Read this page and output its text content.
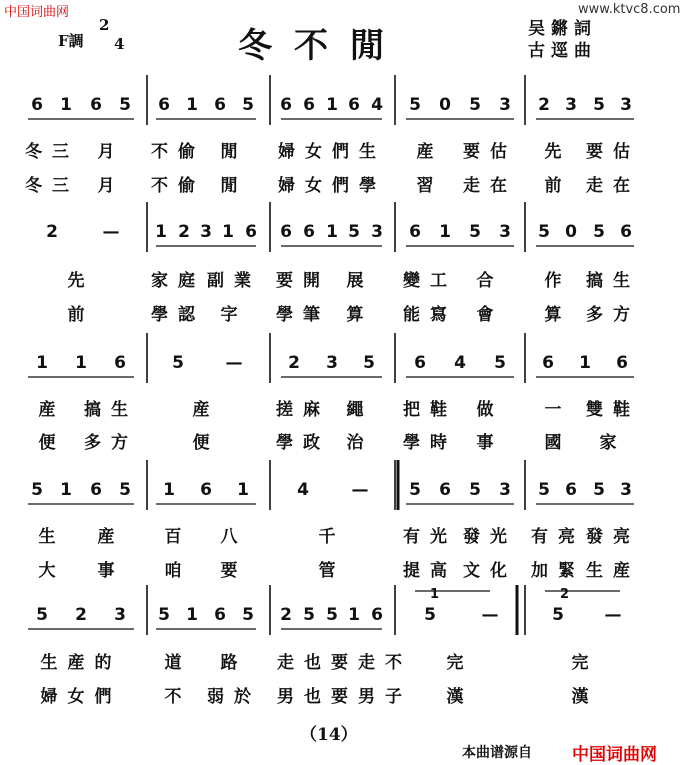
中国词曲网	www.ktvc8.com
F調
2
4	冬不閒	吴鏘詞
古逕曲
6 1 6 5
冬三	月
冬三	月
6 1 6 5
不偷 閒
不偷 閒
6 6 1 6 4
婦女們生
婦女們學
5 0 5 3
産	要估
習	走在
2 3 5 3
先 要估
前 走在
2	—
先
前
1 2 3 1 6
家庭 副業
學認 字
6 6 1 5 3
要開 展
學筆 算
6 1 5 3
變工	合
能寫	會
5 0 5 6
作 搞生
算 多方
1 1 6
産	搞生
便	多方
5	—
産
便
2 3 5
搓麻 繩
學政 治
6 4 5
把鞋	做
學時	事
6 1 6
一 雙鞋
國	家
5 1 6 5
生	産
大	事
1 6 1
百	八
咱	要
4	—
千
管
5 6 5 3
有光 發光
提高 文化
5 6 5 3
有亮 發亮
加緊 生産
5 2 3
生産的
婦女們
5 1 6 5
道	路
不 弱於
2 5 5 1 6
走也要走不
男也要男子
5	—
完
漢
5	—
完
漢
1	2
（14）
本曲谱源自 中国词曲网
